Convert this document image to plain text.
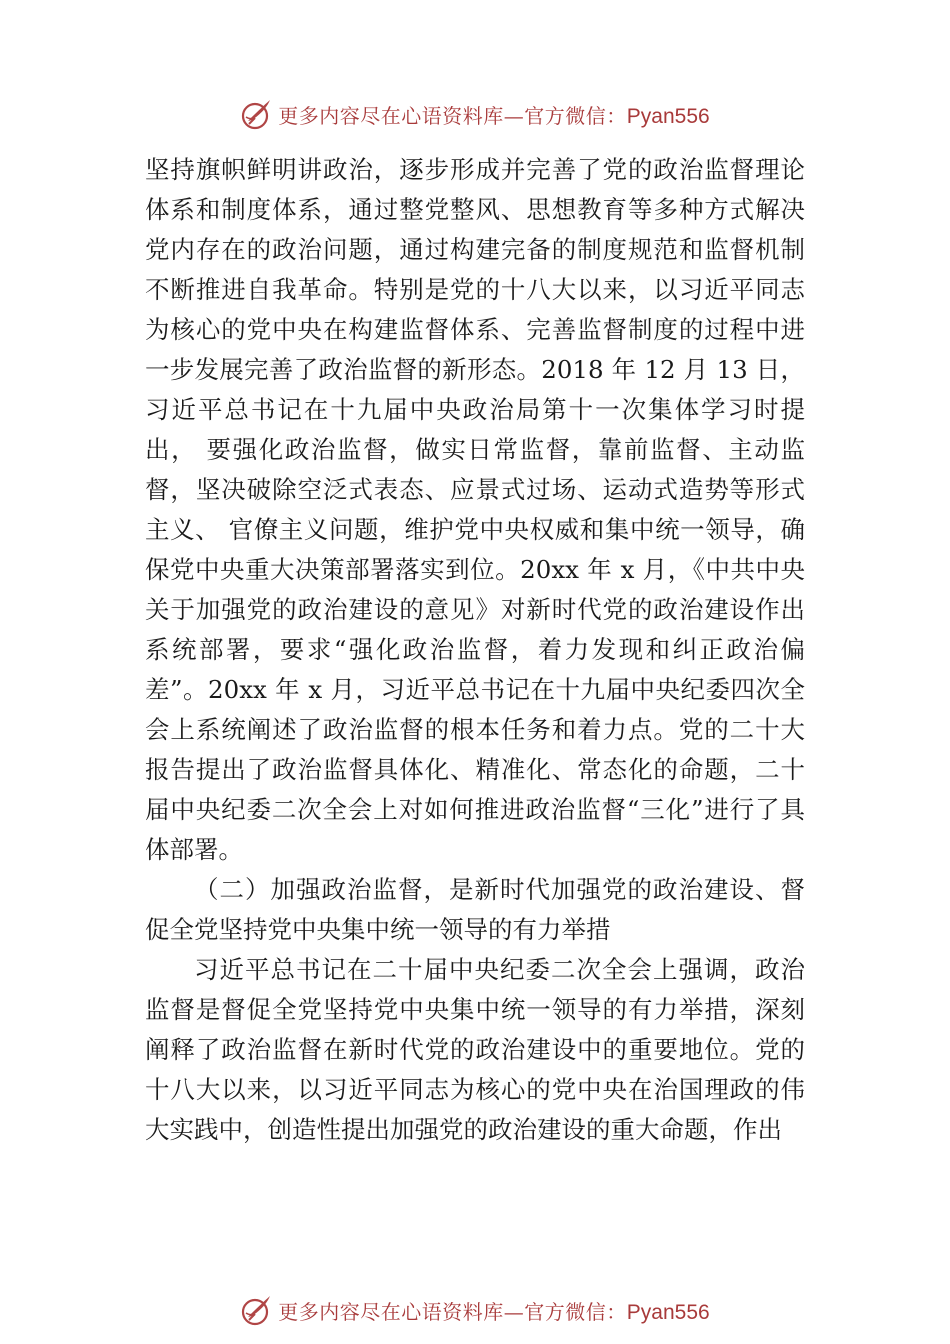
更多内容尽在心语资料库—官方微信：Pyan556

坚持旗帜鲜明讲政治，逐步形成并完善了党的政治监督理论体系和制度体系，通过整党整风、思想教育等多种方式解决党内存在的政治问题，通过构建完备的制度规范和监督机制不断推进自我革命。特别是党的十八大以来，以习近平同志为核心的党中央在构建监督体系、完善监督制度的过程中进一步发展完善了政治监督的新形态。2018 年 12 月 13 日，习近平总书记在十九届中央政治局第十一次集体学习时提出， 要强化政治监督，做实日常监督，靠前监督、主动监督，坚决破除空泛式表态、应景式过场、运动式造势等形式主义、 官僚主义问题，维护党中央权威和集中统一领导，确保党中央重大决策部署落实到位。20xx 年 x 月，《中共中央关于加强党的政治建设的意见》对新时代党的政治建设作出系统部署，要求“强化政治监督，着力发现和纠正政治偏差”。20xx 年 x 月，习近平总书记在十九届中央纪委四次全会上系统阐述了政治监督的根本任务和着力点。党的二十大报告提出了政治监督具体化、精准化、常态化的命题，二十届中央纪委二次全会上对如何推进政治监督“三化”进行了具体部署。

（二）加强政治监督，是新时代加强党的政治建设、督促全党坚持党中央集中统一领导的有力举措

习近平总书记在二十届中央纪委二次全会上强调，政治监督是督促全党坚持党中央集中统一领导的有力举措，深刻阐释了政治监督在新时代党的政治建设中的重要地位。党的十八大以来，以习近平同志为核心的党中央在治国理政的伟大实践中，创造性提出加强党的政治建设的重大命题，作出

更多内容尽在心语资料库—官方微信：Pyan556
